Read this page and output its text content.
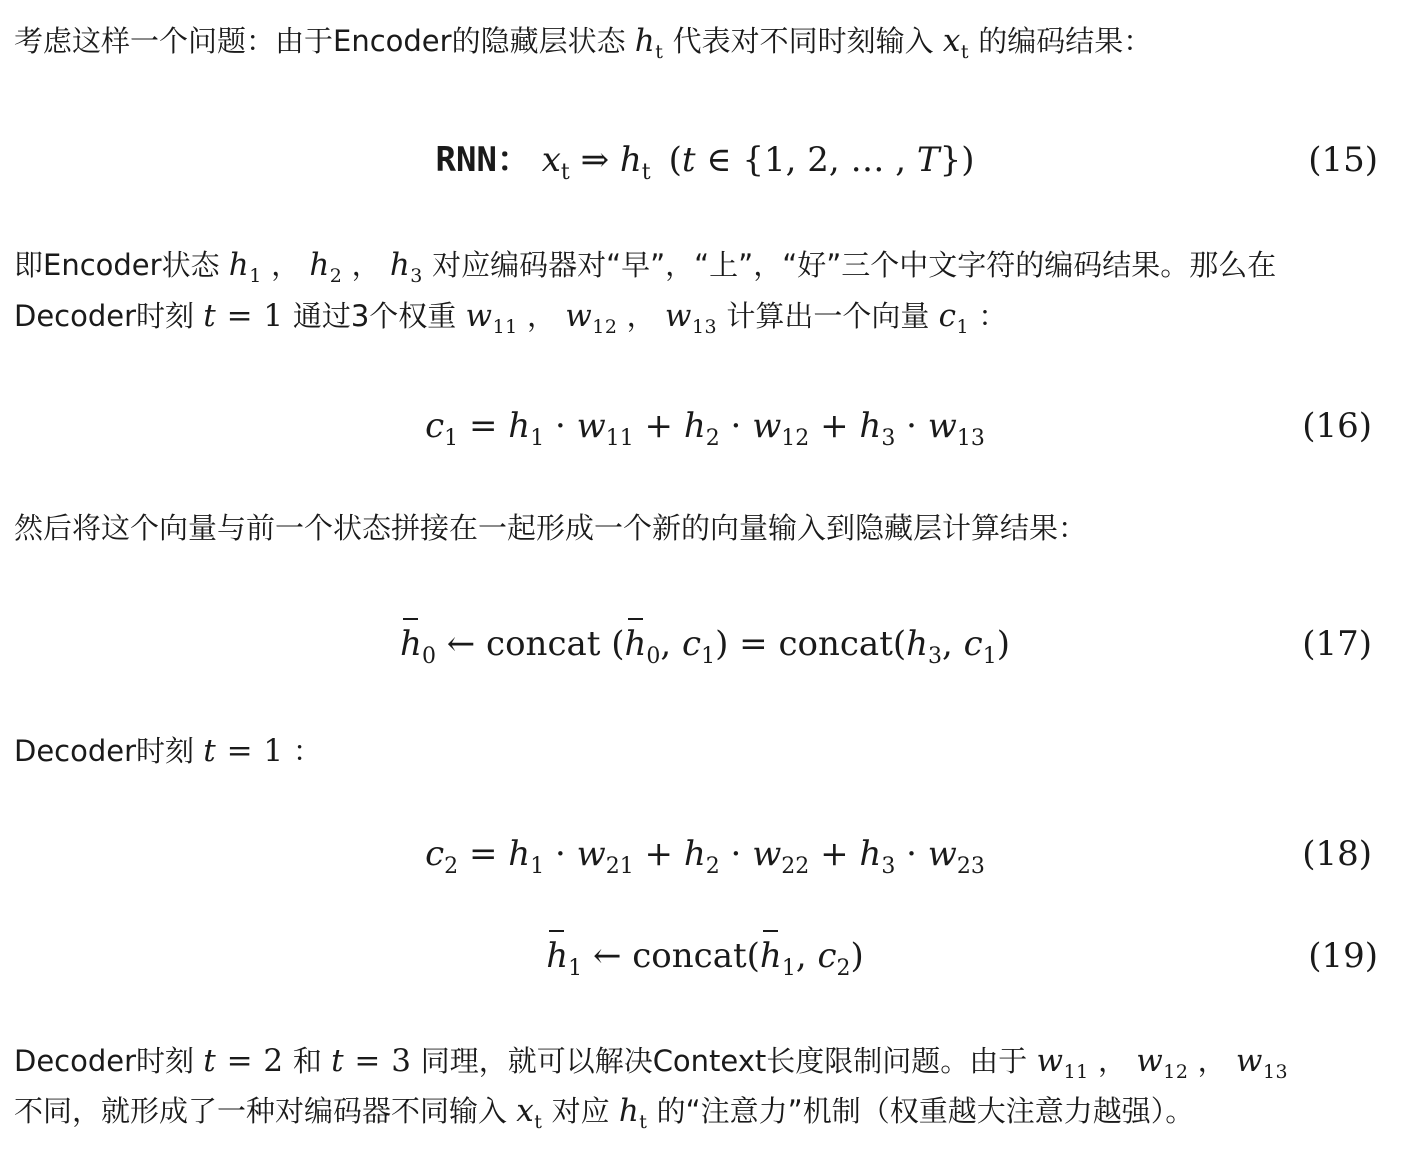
考虑这样一个问题：由于Encoder的隐藏层状态 $h_t$ 代表对不同时刻输入 $x_t$ 的编码结果：
RNN： $x_t$ ⇒ $h_t$ (t ∈ {1, 2, … , T})	(15)
即Encoder状态 $h_1$ ， $h_2$ ， $h_3$ 对应编码器对“早”，“上”，“好”三个中文字符的编码结果。那么在
Decoder时刻 t = 1 通过3个权重 $w_{11}$ ， $w_{12}$ ， $w_{13}$ 计算出一个向量 $c_1$ ：
$c_1 = h_1 \cdot w_{11} + h_2 \cdot w_{12} + h_3 \cdot w_{13}$	(16)
然后将这个向量与前一个状态拼接在一起形成一个新的向量输入到隐藏层计算结果：
$h_0$ ← concat ($h_0$, $c_1$) = $concat(h_3$, $c_1$)	(17)
Decoder时刻 t = 1 ：
$c_2 = h_1 \cdot w_{21} + h_2 \cdot w_{22} + h_3 \cdot w_{23}$	(18)
$h_1$ ← $concat(h_1$, $c_2$)	(19)
Decoder时刻 t = 2 和 t = 3 同理，就可以解决Context长度限制问题。由于 $w_{11}$ ， $w_{12}$ ， $w_{13}$
不同，就形成了一种对编码器不同输入 $x_t$ 对应 $h_t$ 的“注意力”机制（权重越大注意力越强）。
